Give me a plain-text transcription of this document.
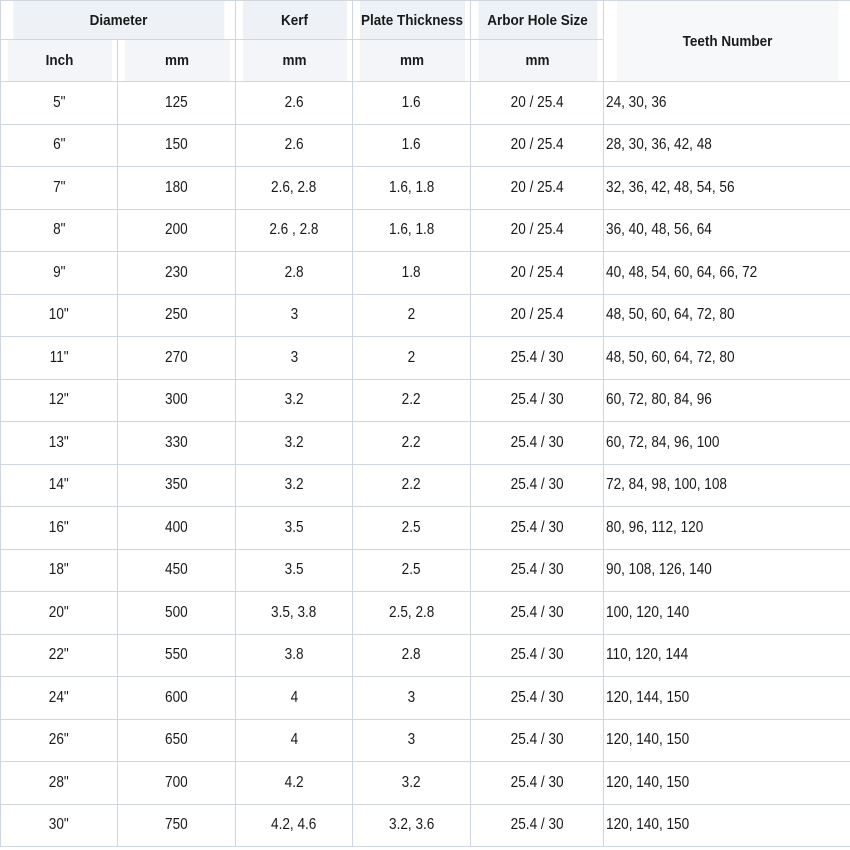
Diameter		Kerf	Plate Thickness	Arbor Hole Size	Teeth Number
Inch	mm	mm	mm	mm	
5"	125	2.6	1.6	20 / 25.4	24, 30, 36
6"	150	2.6	1.6	20 / 25.4	28, 30, 36, 42, 48
7"	180	2.6, 2.8	1.6, 1.8	20 / 25.4	32, 36, 42, 48, 54, 56
8"	200	2.6 , 2.8	1.6, 1.8	20 / 25.4	36, 40, 48, 56, 64
9"	230	2.8	1.8	20 / 25.4	40, 48, 54, 60, 64, 66, 72
10"	250	3	2	20 / 25.4	48, 50, 60, 64, 72, 80
11"	270	3	2	25.4 / 30	48, 50, 60, 64, 72, 80
12"	300	3.2	2.2	25.4 / 30	60, 72, 80, 84, 96
13"	330	3.2	2.2	25.4 / 30	60, 72, 84, 96, 100
14"	350	3.2	2.2	25.4 / 30	72, 84, 98, 100, 108
16"	400	3.5	2.5	25.4 / 30	80, 96, 112, 120
18"	450	3.5	2.5	25.4 / 30	90, 108, 126, 140
20"	500	3.5, 3.8	2.5, 2.8	25.4 / 30	100, 120, 140
22"	550	3.8	2.8	25.4 / 30	110, 120, 144
24"	600	4	3	25.4 / 30	120, 144, 150
26"	650	4	3	25.4 / 30	120, 140, 150
28"	700	4.2	3.2	25.4 / 30	120, 140, 150
30"	750	4.2, 4.6	3.2, 3.6	25.4 / 30	120, 140, 150
